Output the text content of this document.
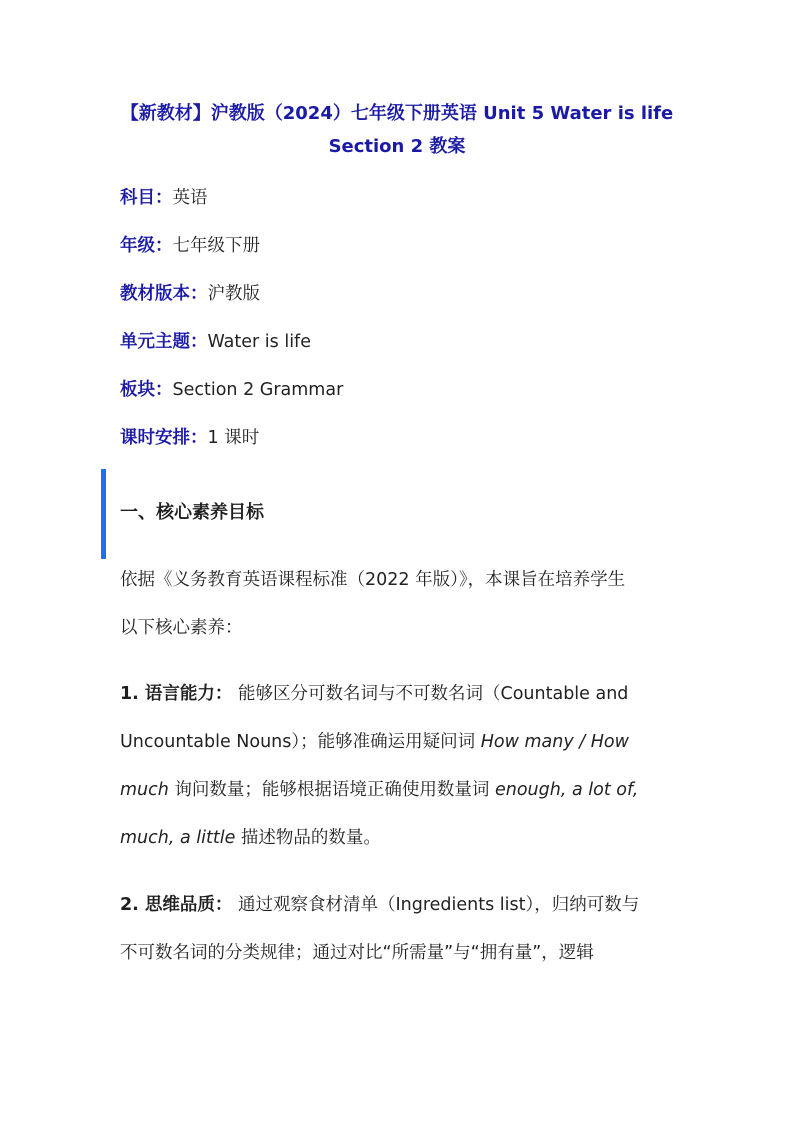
【新教材】沪教版（2024）七年级下册英语 Unit 5 Water is life
Section 2 教案
科目：英语
年级：七年级下册
教材版本：沪教版
单元主题：Water is life
板块：Section 2 Grammar
课时安排：1 课时
一、核心素养目标
依据《义务教育英语课程标准（2022 年版）》，本课旨在培养学生
以下核心素养：
1. 语言能力： 能够区分可数名词与不可数名词（Countable and
Uncountable Nouns）；能够准确运用疑问词 How many / How
much 询问数量；能够根据语境正确使用数量词 enough, a lot of,
much, a little 描述物品的数量。
2. 思维品质： 通过观察食材清单（Ingredients list），归纳可数与
不可数名词的分类规律；通过对比“所需量”与“拥有量”，逻辑
